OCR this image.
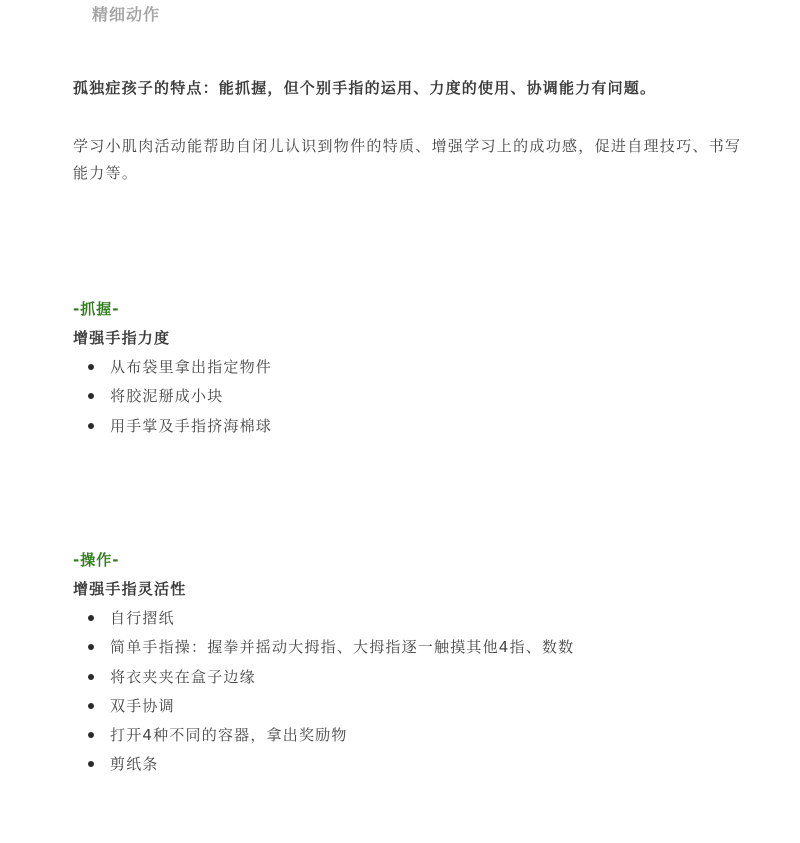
精细动作
孤独症孩子的特点：能抓握，但个别手指的运用、力度的使用、协调能力有问题。
学习小肌肉活动能帮助自闭儿认识到物件的特质、增强学习上的成功感，促进自理技巧、书写能力等。
-抓握-
增强手指力度
从布袋里拿出指定物件
将胶泥掰成小块
用手掌及手指挤海棉球
-操作-
增强手指灵活性
自行摺纸
简单手指操：握拳并摇动大拇指、大拇指逐一触摸其他4指、数数
将衣夹夹在盒子边缘
双手协调
打开4种不同的容器，拿出奖励物
剪纸条
